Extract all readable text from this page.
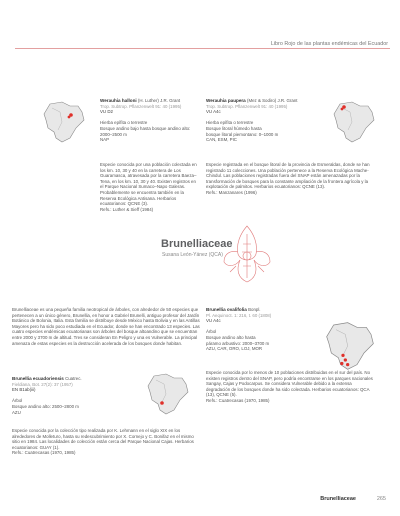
Libro Rojo de las plantas endémicas del Ecuador
Werauhia halloni (H. Luther) J.R. Grant
Trop. Subtrop. Pflanzenwelt 91: 40 (1995)
VU D2
Hierba epífita o terrestre
Bosque andino bajo hasta bosque andino alto:
2000–2500 m
NAP
Especie conocida por una población colectada en los km. 10, 30 y 40 en la carretera de Los Guaramasca, atravesada por la carretera Baeza–Tena, en los km. 10, 30 y 40. Existen registros en el Parque Nacional Sumaco–Napo Galeras. Probablemente se encuentra también en la Reserva Ecológica Antisana. Herbarios ecuatorianos: QCNE (3).
Refs.: Luther & Sieff (1984)
Werauhia paupera (Mez & Sodiro) J.R. Grant
Trop. Subtrop. Pflanzenwelt 91: 40 (1995)
VU A4c
Hierba epífita o terrestre
Bosque litoral húmedo hasta
bosque litoral piemontano: 0–1000 m
CAN, ESM, PIC
Especie registrada en el bosque litoral de la provincia de Esmeraldas, donde se han registrado 11 colecciones. Una población pertenece a la Reserva Ecológica Mache-Chindul. Las poblaciones registradas fuera del SNAP están amenazadas por la transformación de bosques para la constante ampliación de la frontera agrícola y la explotación de palmitos. Herbarios ecuatorianos: QCNE (13).
Refs.: Manzanares (1996)
Brunelliaceae
Susana León-Yánez (QCA)
Brunelliaceae es una pequeña familia neotropical de árboles, con alrededor de 50 especies que pertenecen a un único género, Brunellia, en honor a Gabriel Brunelli, antiguo profesor del Jardín Botánico de Bolonia, Italia. Esta familia se distribuye desde México hasta Bolivia y en las Antillas Mayores pero ha sido poco estudiada en el Ecuador, donde se han encontrado 13 especies. Las cuatro especies endémicas ecuatorianas son árboles del bosque altoandino que se encuentran entre 2000 y 3700 m de altitud. Tres se consideran En Peligro y una es Vulnerable. La principal amenaza de estas especies es la destrucción acelerada de los bosques donde habitan.
Brunellia ecuadoriensis Cuatrec.
Fieldiana, Bot. 27(2): 37 (1957)
EN B1ab(iii)
Árbol
Bosque andino alto: 2500–2800 m
AZU
Especie conocida por la colección tipo realizada por K. Lehmann en el siglo XIX en los alrededores de Molleturo, hasta su redescubrimiento por X. Cornejo y C. Bonifaz en el mismo sitio en 1984. Las localidades de colección están cerca del Parque Nacional Cajas. Herbarios ecuatorianos: GUAY (1).
Refs.: Cuatrecasas (1970, 1985)
Brunellia ovalifolia Bonpl.
Pl. Aequinoct. 1: 216, t. 60 (1808)
VU A4c
Árbol
Bosque andino alto hasta
páramo arbustivo: 2000–3700 m
AZU, CAR, ORO, LOJ, MOR
Especie conocida por lo menos de 10 poblaciones distribuidas en el sur del país. No existen registros dentro del SNAP, pero podría encontrarse en los parques nacionales Sangay, Cajas y Podocarpus. Se considera Vulnerable debido a la extensa degradación de los bosques donde ha sido colectada. Herbarios ecuatorianos: QCA (13), QCNE (5).
Refs.: Cuatrecasas (1970, 1985)
Brunelliaceae	265
